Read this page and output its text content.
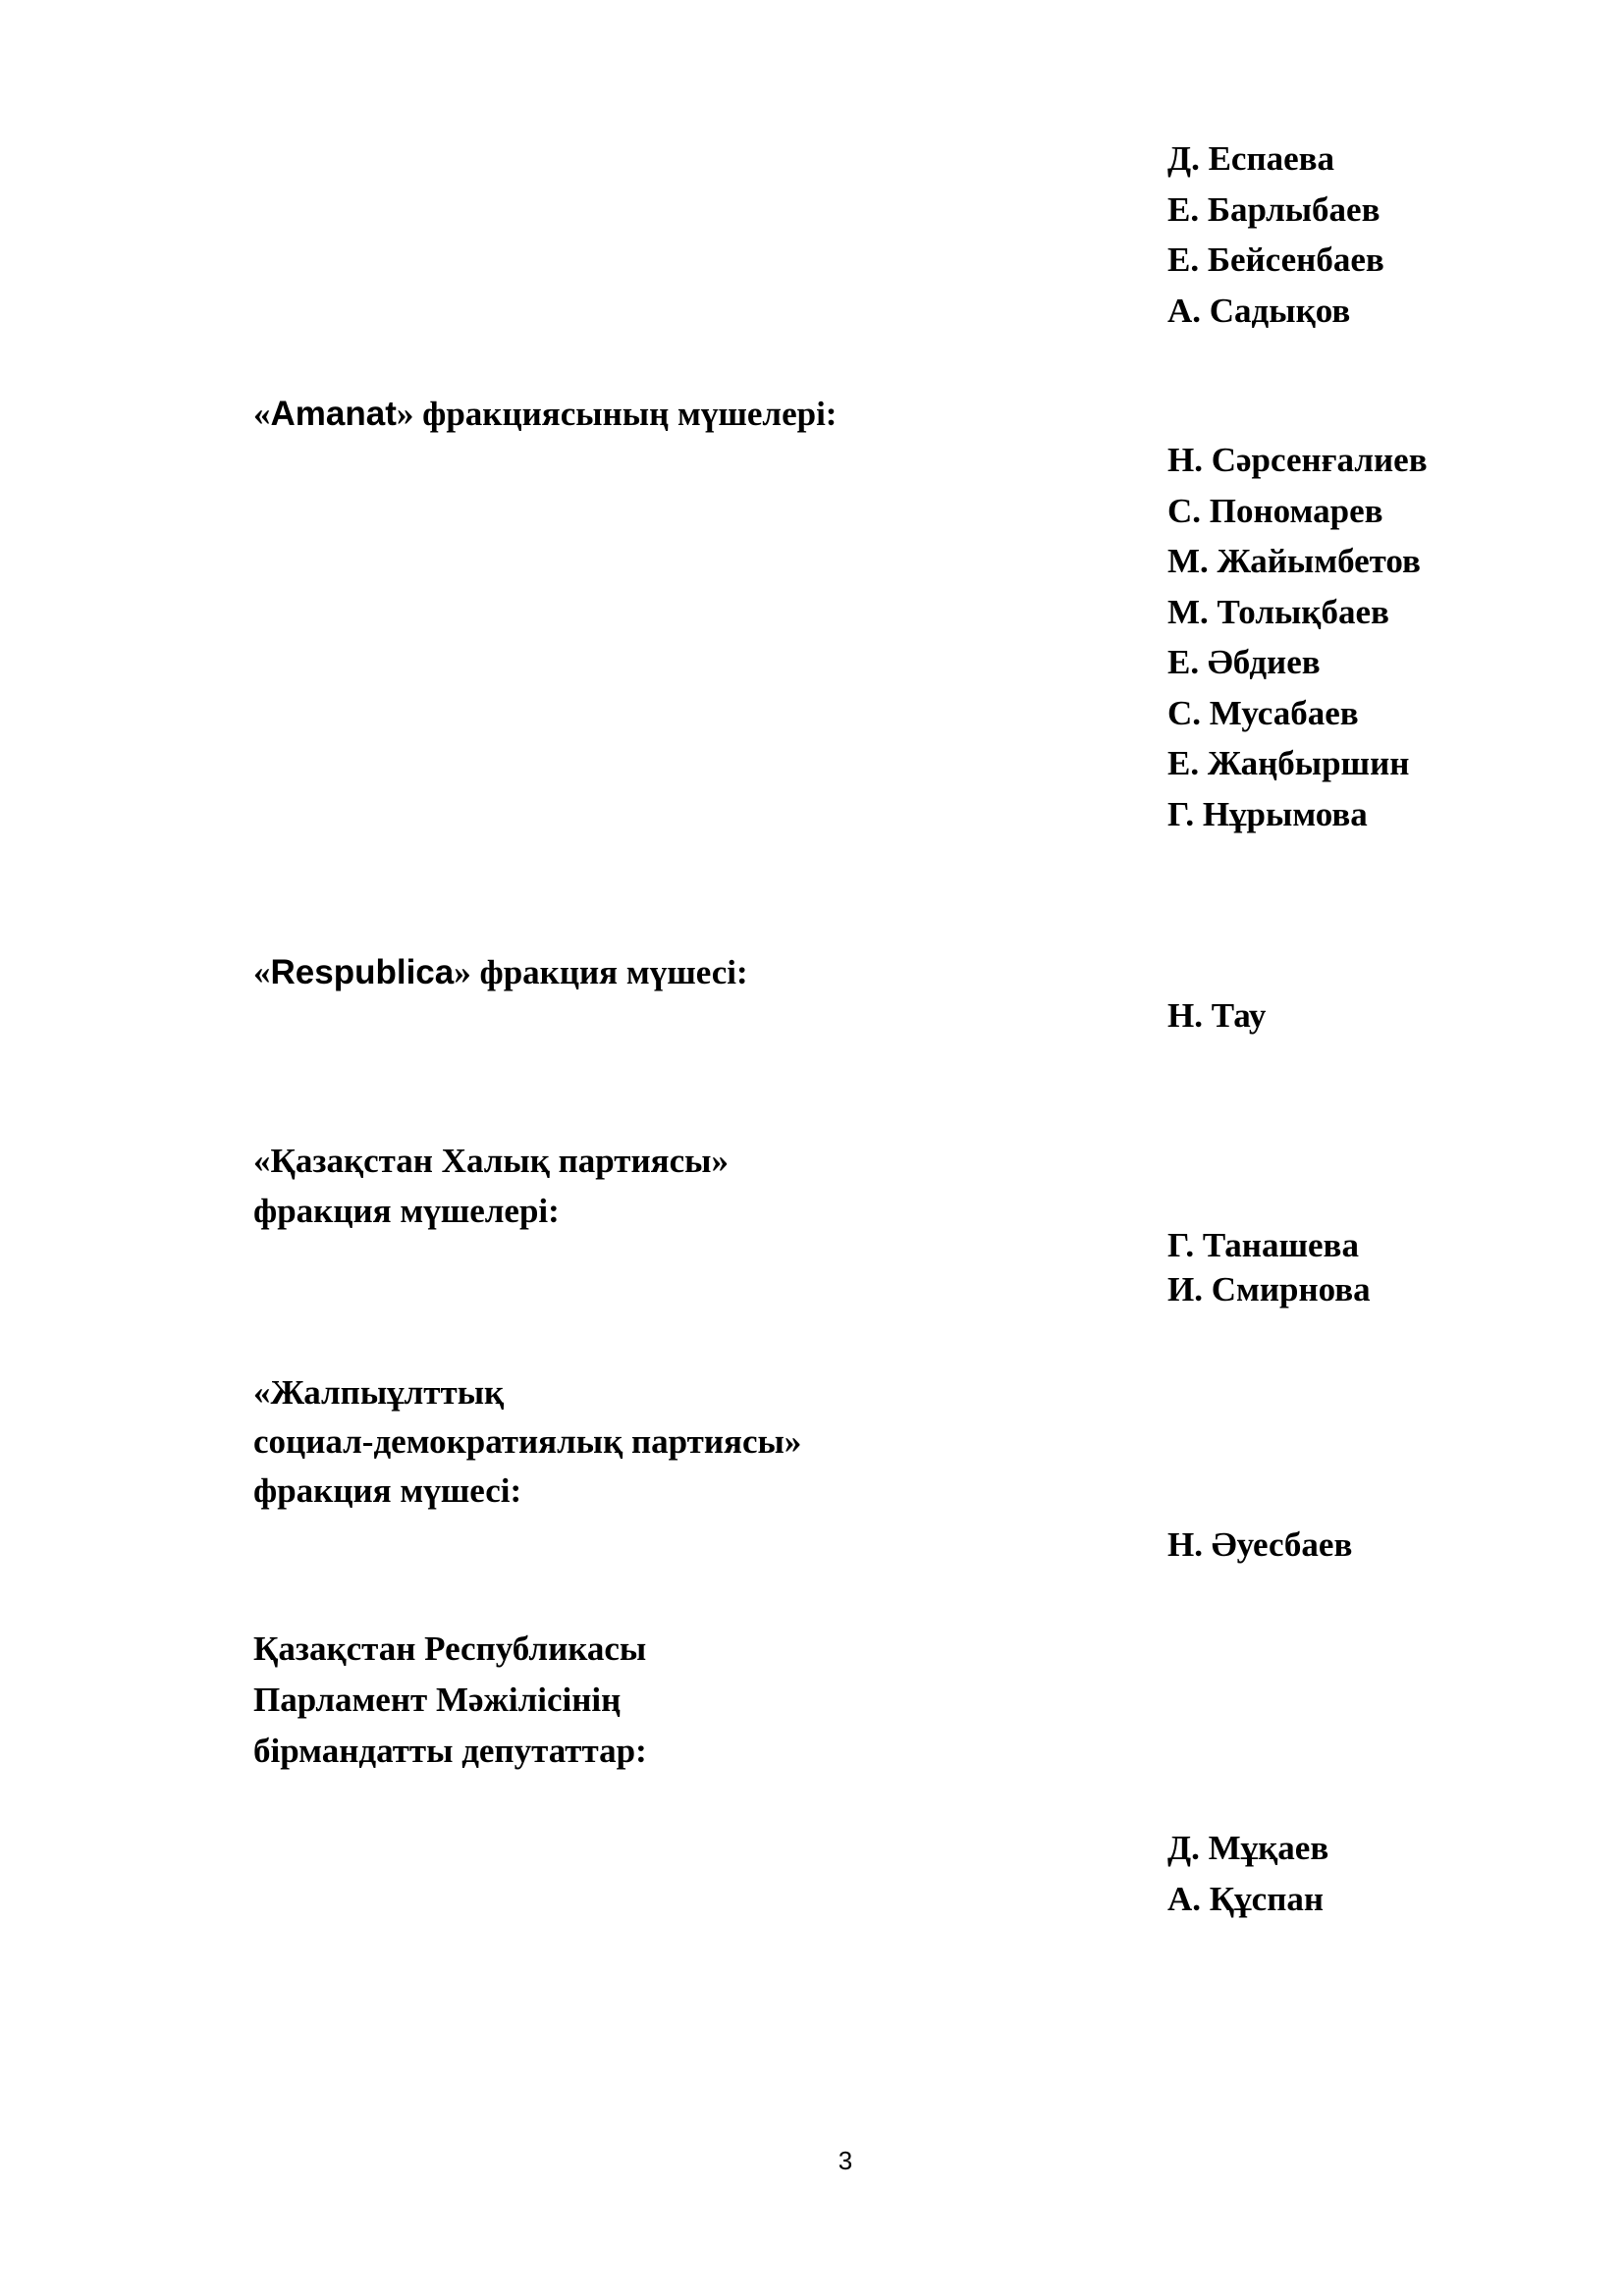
Д. Еспаева
Е. Барлыбаев
Е. Бейсенбаев
А. Садықов
«Amanat» фракциясының мүшелері:
Н. Сәрсенғалиев
С. Пономарев
М. Жайымбетов
М. Толықбаев
Е. Әбдиев
С. Мусабаев
Е. Жаңбыршин
Г. Нұрымова
«Respublica» фракция мүшесі:
Н. Тау
«Қазақстан Халық партиясы»
фракция мүшелері:
Г. Танашева
И. Смирнова
«Жалпыұлттық
социал-демократиялық партиясы»
фракция мүшесі:
Н. Әуесбаев
Қазақстан Республикасы
Парламент Мәжілісінің
бірмандатты депутаттар:
Д. Мұқаев
А. Құспан
3
